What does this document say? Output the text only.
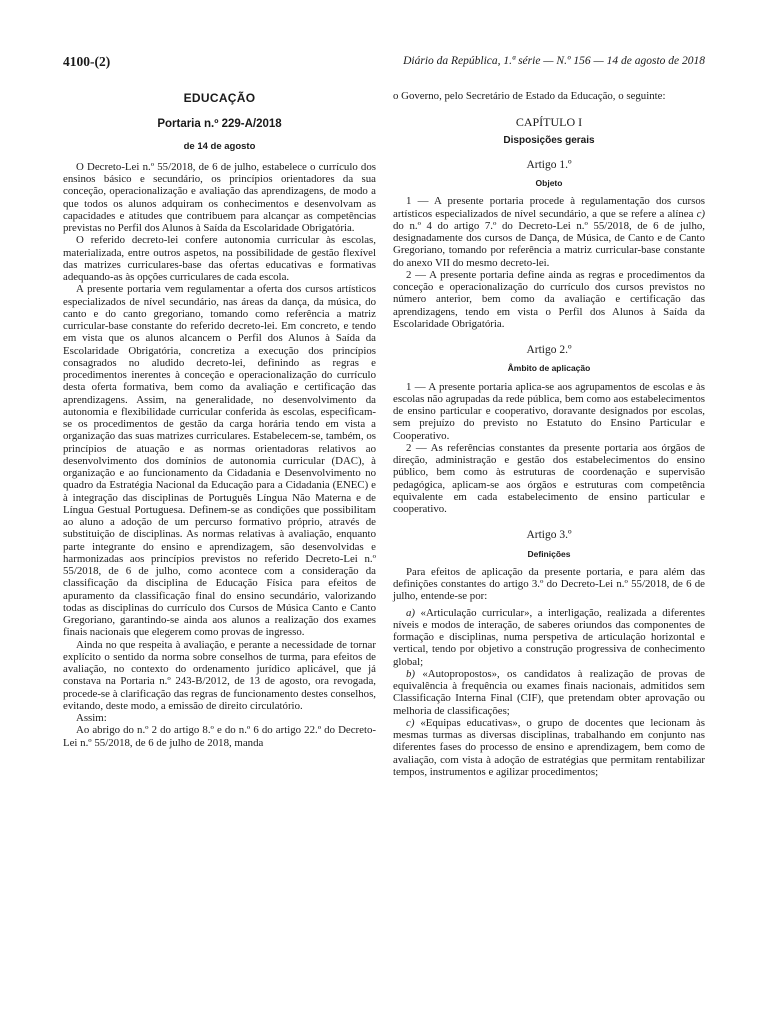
4100-(2)	Diário da República, 1.ª série — N.º 156 — 14 de agosto de 2018
EDUCAÇÃO
Portaria n.º 229-A/2018
de 14 de agosto

O Decreto-Lei n.º 55/2018, de 6 de julho, estabelece o currículo dos ensinos básico e secundário, os princípios orientadores da sua conceção, operacionalização e avaliação das aprendizagens, de modo a que todos os alunos adquiram os conhecimentos e desenvolvam as capacidades e atitudes que contribuem para alcançar as competências previstas no Perfil dos Alunos à Saída da Escolaridade Obrigatória.

O referido decreto-lei confere autonomia curricular às escolas, materializada, entre outros aspetos, na possibilidade de gestão flexível das matrizes curriculares-base das ofertas educativas e formativas adequando-as às opções curriculares de cada escola.

A presente portaria vem regulamentar a oferta dos cursos artísticos especializados de nível secundário, nas áreas da dança, da música, do canto e do canto gregoriano, tomando como referência a matriz curricular-base constante do referido decreto-lei. Em concreto, e tendo em vista que os alunos alcancem o Perfil dos Alunos à Saída da Escolaridade Obrigatória, concretiza a execução dos princípios consagrados no aludido decreto-lei, definindo as regras e procedimentos inerentes à conceção e operacionalização do currículo desta oferta formativa, bem como da avaliação e certificação das aprendizagens. Assim, na generalidade, no desenvolvimento da autonomia e flexibilidade curricular conferida às escolas, especificam-se os procedimentos de gestão da carga horária tendo em vista a organização das suas matrizes curriculares. Estabelecem-se, também, os princípios de atuação e as normas orientadoras relativos ao desenvolvimento dos domínios de autonomia curricular (DAC), à organização e ao funcionamento da Cidadania e Desenvolvimento no quadro da Estratégia Nacional da Educação para a Cidadania (ENEC) e à integração das disciplinas de Português Língua Não Materna e de Língua Gestual Portuguesa. Definem-se as condições que possibilitam ao aluno a adoção de um percurso formativo próprio, através de substituição de disciplinas. As normas relativas à avaliação, enquanto parte integrante do ensino e aprendizagem, são desenvolvidas e harmonizadas aos princípios previstos no referido Decreto-Lei n.º 55/2018, de 6 de julho, como acontece com a consideração da classificação da disciplina de Educação Física para efeitos de apuramento da classificação final do ensino secundário, valorizando todas as disciplinas do currículo dos Cursos de Música Canto e Canto Gregoriano, garantindo-se ainda aos alunos a realização dos exames finais nacionais que elegerem como provas de ingresso.

Ainda no que respeita à avaliação, e perante a necessidade de tornar explícito o sentido da norma sobre conselhos de turma, para efeitos de avaliação, no contexto do ordenamento jurídico aplicável, que já constava na Portaria n.º 243-B/2012, de 13 de agosto, ora revogada, procede-se à clarificação das regras de funcionamento destes conselhos, evitando, deste modo, a emissão de direito circulatório.

Assim:

Ao abrigo do n.º 2 do artigo 8.º e do n.º 6 do artigo 22.º do Decreto-Lei n.º 55/2018, de 6 de julho de 2018, manda

o Governo, pelo Secretário de Estado da Educação, o seguinte:

CAPÍTULO I
Disposições gerais
Artigo 1.º
Objeto

1 — A presente portaria procede à regulamentação dos cursos artísticos especializados de nível secundário, a que se refere a alínea c) do n.º 4 do artigo 7.º do Decreto-Lei n.º 55/2018, de 6 de julho, designadamente dos cursos de Dança, de Música, de Canto e de Canto Gregoriano, tomando por referência a matriz curricular-base constante do anexo VII do mesmo decreto-lei.

2 — A presente portaria define ainda as regras e procedimentos da conceção e operacionalização do currículo dos cursos previstos no número anterior, bem como da avaliação e certificação das aprendizagens, tendo em vista o Perfil dos Alunos à Saída da Escolaridade Obrigatória.

Artigo 2.º
Âmbito de aplicação

1 — A presente portaria aplica-se aos agrupamentos de escolas e às escolas não agrupadas da rede pública, bem como aos estabelecimentos de ensino particular e cooperativo, doravante designados por escolas, sem prejuízo do previsto no Estatuto do Ensino Particular e Cooperativo.

2 — As referências constantes da presente portaria aos órgãos de direção, administração e gestão dos estabelecimentos do ensino público, bem como às estruturas de coordenação e supervisão pedagógica, aplicam-se aos órgãos e estruturas com competência equivalente em cada estabelecimento de ensino particular e cooperativo.

Artigo 3.º
Definições

Para efeitos de aplicação da presente portaria, e para além das definições constantes do artigo 3.º do Decreto-Lei n.º 55/2018, de 6 de julho, entende-se por:

a) «Articulação curricular», a interligação, realizada a diferentes níveis e modos de interação, de saberes oriundos das componentes de formação e disciplinas, numa perspetiva de articulação horizontal e vertical, tendo por objetivo a construção progressiva de conhecimento global;

b) «Autopropostos», os candidatos à realização de provas de equivalência à frequência ou exames finais nacionais, admitidos sem Classificação Interna Final (CIF), que pretendam obter aprovação ou melhoria de classificações;

c) «Equipas educativas», o grupo de docentes que lecionam às mesmas turmas as diversas disciplinas, trabalhando em conjunto nas diferentes fases do processo de ensino e aprendizagem, bem como de avaliação, com vista à adoção de estratégias que permitam rentabilizar tempos, instrumentos e agilizar procedimentos;
